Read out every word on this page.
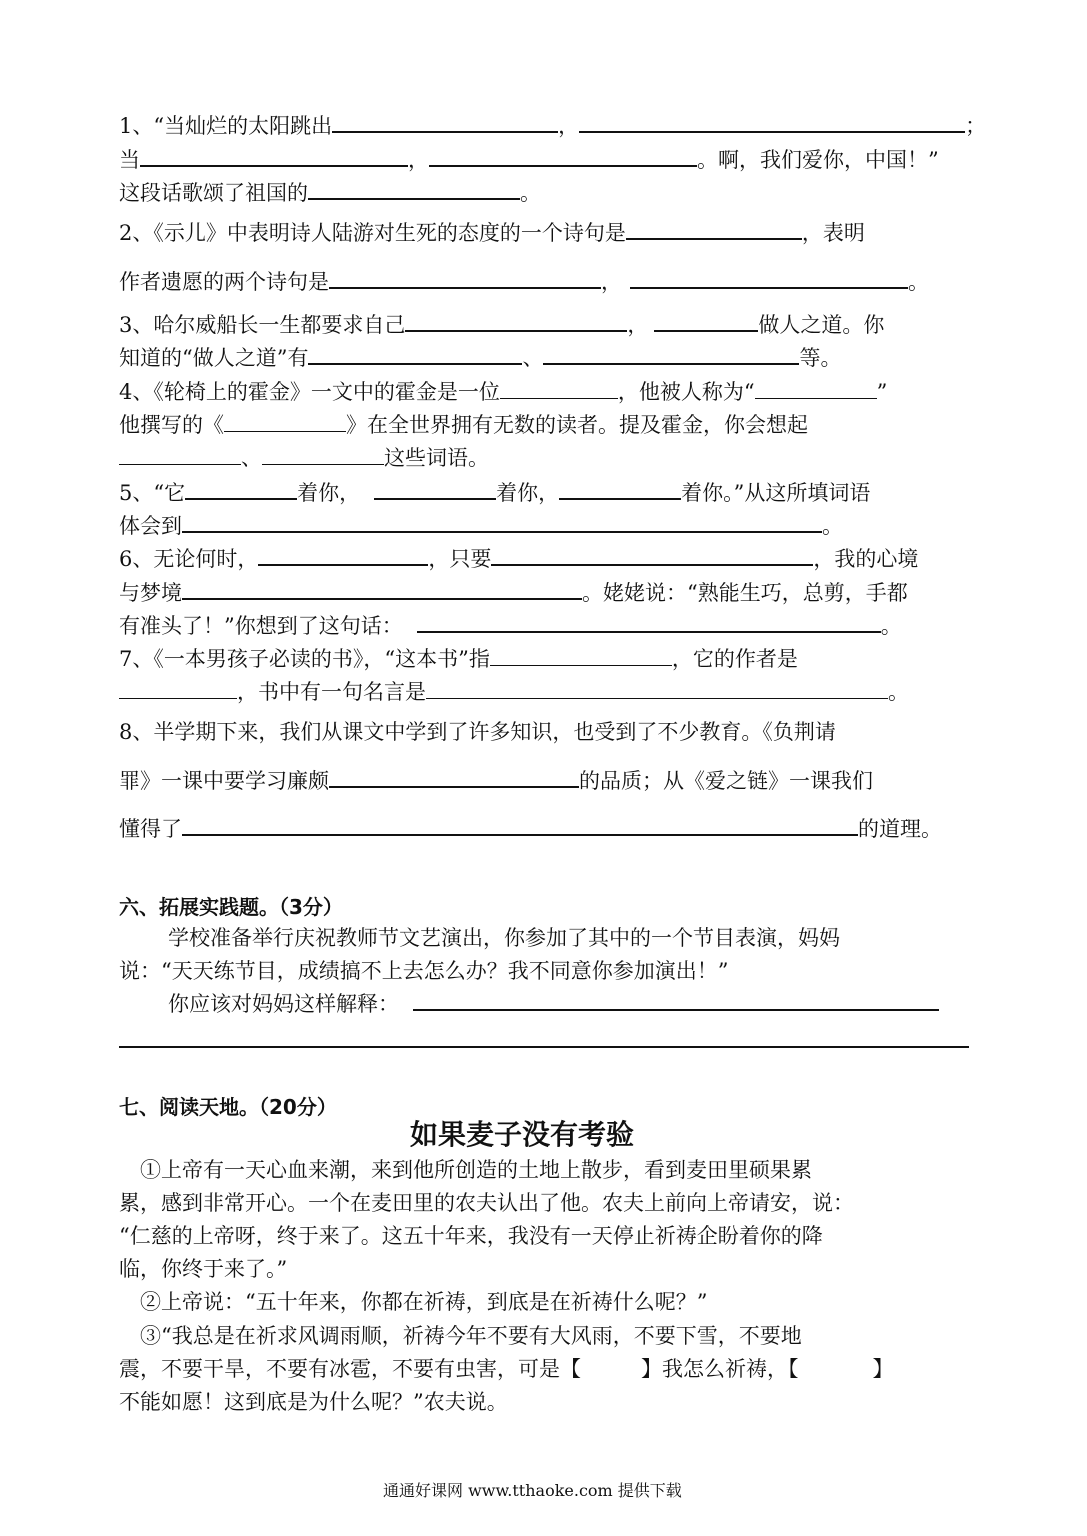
1、“当灿烂的太阳跳出	，	；
当	，	。啊，我们爱你，中国！”
这段话歌颂了祖国的	。
2、《示儿》中表明诗人陆游对生死的态度的一个诗句是	，表明
作者遗愿的两个诗句是	，	。
3、哈尔威船长一生都要求自己	，	做人之道。你
知道的“做人之道”有	、	等。
4、《轮椅上的霍金》一文中的霍金是一位	，他被人称为“	”
他撰写的《	》在全世界拥有无数的读者。提及霍金，你会想起
、	这些词语。
5、“它	着你，	着你，	着你。”从这所填词语
体会到	。
6、无论何时，	，只要	，我的心境
与梦境	。姥姥说：“熟能生巧，总剪，手都
有准头了！”你想到了这句话：	。
7、《一本男孩子必读的书》，“这本书”指	，它的作者是
，书中有一句名言是	。
8、半学期下来，我们从课文中学到了许多知识，也受到了不少教育。《负荆请
罪》一课中要学习廉颇	的品质；从《爱之链》一课我们
懂得了	的道理。
六、拓展实践题。（3分）
学校准备举行庆祝教师节文艺演出，你参加了其中的一个节目表演，妈妈
说：“天天练节目，成绩搞不上去怎么办？我不同意你参加演出！”
你应该对妈妈这样解释：
七、阅读天地。（20分）
如果麦子没有考验
①上帝有一天心血来潮，来到他所创造的土地上散步，看到麦田里硕果累
累，感到非常开心。一个在麦田里的农夫认出了他。农夫上前向上帝请安，说：
“仁慈的上帝呀，终于来了。这五十年来，我没有一天停止祈祷企盼着你的降
临，你终于来了。”
②上帝说：“五十年来，你都在祈祷，到底是在祈祷什么呢？”
③“我总是在祈求风调雨顺，祈祷今年不要有大风雨，不要下雪，不要地
震，不要干旱，不要有冰雹，不要有虫害，可是【	】我怎么祈祷，【	】
不能如愿！这到底是为什么呢？”农夫说。
通通好课网 www.tthaoke.com 提供下载
